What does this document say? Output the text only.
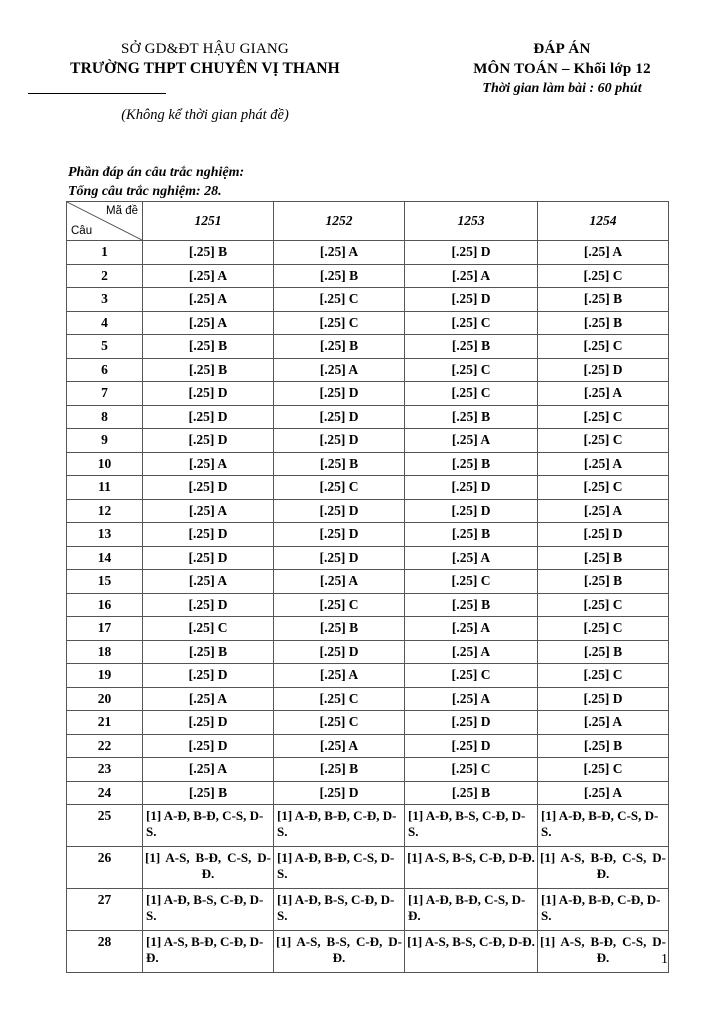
SỞ GD&ĐT HẬU GIANG
TRƯỜNG THPT CHUYÊN VỊ THANH
(Không kể thời gian phát đề)
ĐÁP ÁN
MÔN TOÁN – Khối lớp 12
Thời gian làm bài : 60 phút
Phần đáp án câu trắc nghiệm:
Tổng câu trắc nghiệm: 28.
Mã đề
Câu	1251	1252	1253	1254
1	[.25] B	[.25] A	[.25] D	[.25] A
2	[.25] A	[.25] B	[.25] A	[.25] C
3	[.25] A	[.25] C	[.25] D	[.25] B
4	[.25] A	[.25] C	[.25] C	[.25] B
5	[.25] B	[.25] B	[.25] B	[.25] C
6	[.25] B	[.25] A	[.25] C	[.25] D
7	[.25] D	[.25] D	[.25] C	[.25] A
8	[.25] D	[.25] D	[.25] B	[.25] C
9	[.25] D	[.25] D	[.25] A	[.25] C
10	[.25] A	[.25] B	[.25] B	[.25] A
11	[.25] D	[.25] C	[.25] D	[.25] C
12	[.25] A	[.25] D	[.25] D	[.25] A
13	[.25] D	[.25] D	[.25] B	[.25] D
14	[.25] D	[.25] D	[.25] A	[.25] B
15	[.25] A	[.25] A	[.25] C	[.25] B
16	[.25] D	[.25] C	[.25] B	[.25] C
17	[.25] C	[.25] B	[.25] A	[.25] C
18	[.25] B	[.25] D	[.25] A	[.25] B
19	[.25] D	[.25] A	[.25] C	[.25] C
20	[.25] A	[.25] C	[.25] A	[.25] D
21	[.25] D	[.25] C	[.25] D	[.25] A
22	[.25] D	[.25] A	[.25] D	[.25] B
23	[.25] A	[.25] B	[.25] C	[.25] C
24	[.25] B	[.25] D	[.25] B	[.25] A
25	[1] A-Đ, B-Đ, C-S, D-S.	[1] A-Đ, B-Đ, C-Đ, D-S.	[1] A-Đ, B-S, C-Đ, D-S.	[1] A-Đ, B-Đ, C-S, D-S.
26	[1] A-S, B-Đ, C-S, D-Đ.	[1] A-Đ, B-Đ, C-S, D-S.	[1] A-S, B-S, C-Đ, D-Đ.	[1] A-S, B-Đ, C-S, D-Đ.
27	[1] A-Đ, B-S, C-Đ, D-S.	[1] A-Đ, B-S, C-Đ, D-S.	[1] A-Đ, B-Đ, C-S, D-Đ.	[1] A-Đ, B-Đ, C-Đ, D-S.
28	[1] A-S, B-Đ, C-Đ, D-Đ.	[1] A-S, B-S, C-Đ, D-Đ.	[1] A-S, B-S, C-Đ, D-Đ.	[1] A-S, B-Đ, C-S, D-Đ.	1
